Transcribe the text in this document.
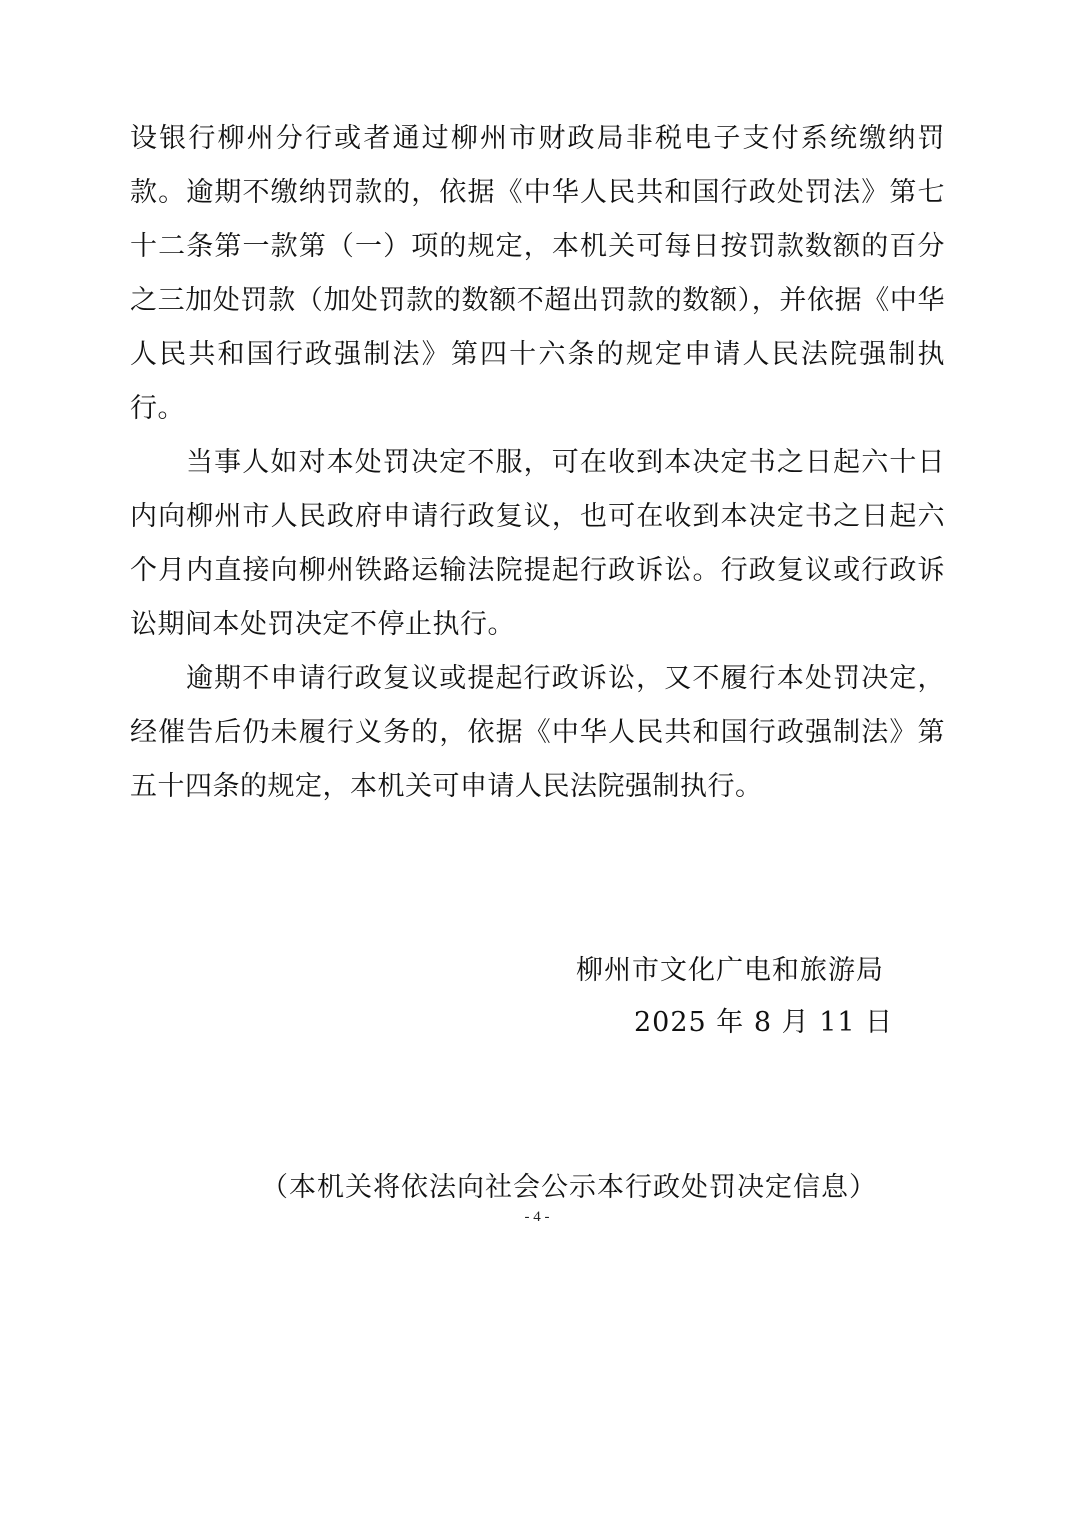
设银行柳州分行或者通过柳州市财政局非税电子支付系统缴纳罚款。逾期不缴纳罚款的，依据《中华人民共和国行政处罚法》第七十二条第一款第（一）项的规定，本机关可每日按罚款数额的百分之三加处罚款（加处罚款的数额不超出罚款的数额），并依据《中华人民共和国行政强制法》第四十六条的规定申请人民法院强制执行。

当事人如对本处罚决定不服，可在收到本决定书之日起六十日内向柳州市人民政府申请行政复议，也可在收到本决定书之日起六个月内直接向柳州铁路运输法院提起行政诉讼。行政复议或行政诉讼期间本处罚决定不停止执行。

逾期不申请行政复议或提起行政诉讼，又不履行本处罚决定，经催告后仍未履行义务的，依据《中华人民共和国行政强制法》第五十四条的规定，本机关可申请人民法院强制执行。

柳州市文化广电和旅游局
2025 年 8 月 11 日
（本机关将依法向社会公示本行政处罚决定信息）
- 4 -
